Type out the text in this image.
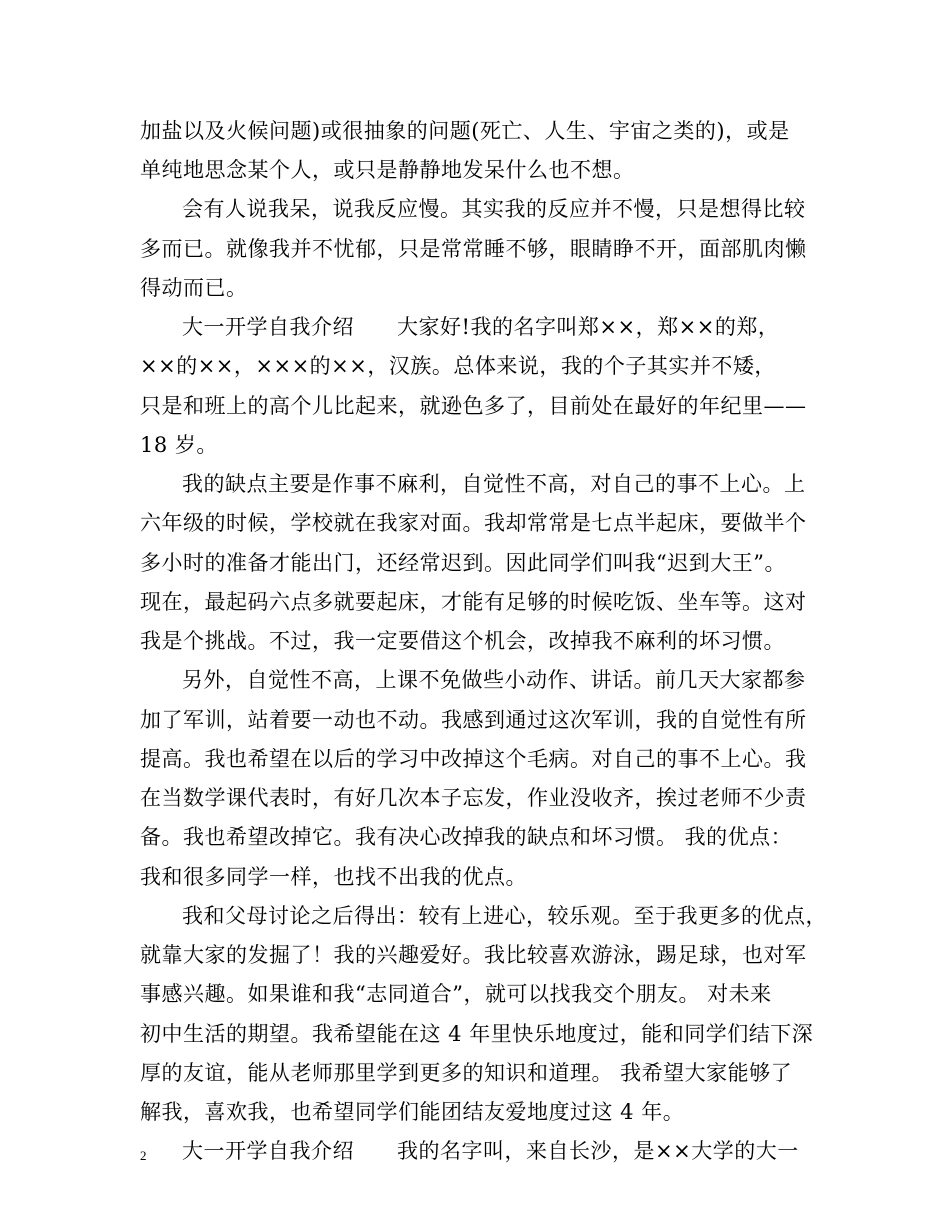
加盐以及火候问题)或很抽象的问题(死亡、人生、宇宙之类的)，或是
单纯地思念某个人，或只是静静地发呆什么也不想。
会有人说我呆，说我反应慢。其实我的反应并不慢，只是想得比较
多而已。就像我并不忧郁，只是常常睡不够，眼睛睁不开，面部肌肉懒
得动而已。
大一开学自我介绍　　大家好!我的名字叫郑××，郑××的郑，
××的××，×××的××，汉族。总体来说，我的个子其实并不矮，
只是和班上的高个儿比起来，就逊色多了，目前处在最好的年纪里——
18 岁。
我的缺点主要是作事不麻利，自觉性不高，对自己的事不上心。上
六年级的时候，学校就在我家对面。我却常常是七点半起床，要做半个
多小时的准备才能出门，还经常迟到。因此同学们叫我“迟到大王”。
现在，最起码六点多就要起床，才能有足够的时候吃饭、坐车等。这对
我是个挑战。不过，我一定要借这个机会，改掉我不麻利的坏习惯。
另外，自觉性不高，上课不免做些小动作、讲话。前几天大家都参
加了军训，站着要一动也不动。我感到通过这次军训，我的自觉性有所
提高。我也希望在以后的学习中改掉这个毛病。对自己的事不上心。我
在当数学课代表时，有好几次本子忘发，作业没收齐，挨过老师不少责
备。我也希望改掉它。我有决心改掉我的缺点和坏习惯。 我的优点：
我和很多同学一样，也找不出我的优点。
我和父母讨论之后得出：较有上进心，较乐观。至于我更多的优点，
就靠大家的发掘了！我的兴趣爱好。我比较喜欢游泳，踢足球，也对军
事感兴趣。如果谁和我“志同道合”，就可以找我交个朋友。 对未来
初中生活的期望。我希望能在这 4 年里快乐地度过，能和同学们结下深
厚的友谊，能从老师那里学到更多的知识和道理。 我希望大家能够了
解我，喜欢我，也希望同学们能团结友爱地度过这 4 年。
大一开学自我介绍　　我的名字叫，来自长沙，是××大学的大一
2
